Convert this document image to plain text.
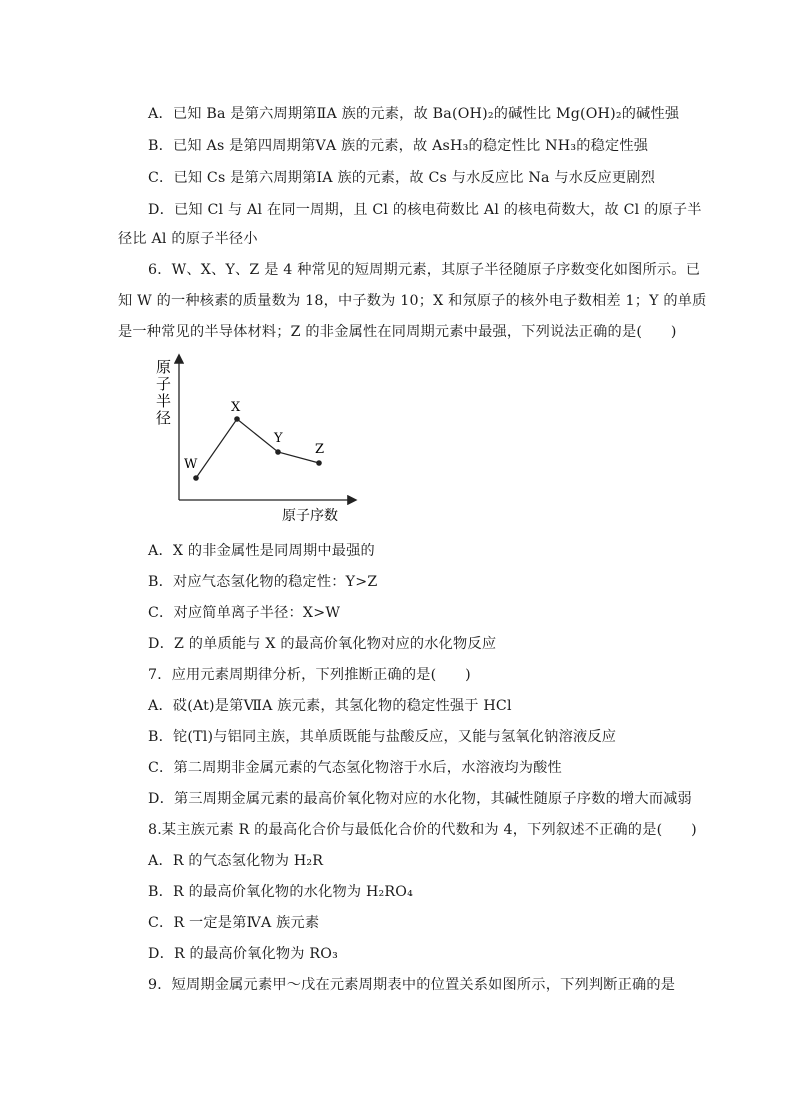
A．已知 Ba 是第六周期第ⅡA 族的元素，故 Ba(OH)₂的碱性比 Mg(OH)₂的碱性强
B．已知 As 是第四周期第ⅤA 族的元素，故 AsH₃的稳定性比 NH₃的稳定性强
C．已知 Cs 是第六周期第ⅠA 族的元素，故 Cs 与水反应比 Na 与水反应更剧烈
D．已知 Cl 与 Al 在同一周期，且 Cl 的核电荷数比 Al 的核电荷数大，故 Cl 的原子半
径比 Al 的原子半径小
6．W、X、Y、Z 是 4 种常见的短周期元素，其原子半径随原子序数变化如图所示。已
知 W 的一种核素的质量数为 18，中子数为 10；X 和氖原子的核外电子数相差 1；Y 的单质
是一种常见的半导体材料；Z 的非金属性在同周期元素中最强，下列说法正确的是(　　)
原
子
半
径
原子序数
W
X
Y
Z
A．X 的非金属性是同周期中最强的
B．对应气态氢化物的稳定性：Y>Z
C．对应简单离子半径：X>W
D．Z 的单质能与 X 的最高价氧化物对应的水化物反应
7．应用元素周期律分析，下列推断正确的是(　　)
A．砹(At)是第ⅦA 族元素，其氢化物的稳定性强于 HCl
B．铊(Tl)与铝同主族，其单质既能与盐酸反应，又能与氢氧化钠溶液反应
C．第二周期非金属元素的气态氢化物溶于水后，水溶液均为酸性
D．第三周期金属元素的最高价氧化物对应的水化物，其碱性随原子序数的增大而减弱
8.某主族元素 R 的最高化合价与最低化合价的代数和为 4，下列叙述不正确的是(　　)
A．R 的气态氢化物为 H₂R
B．R 的最高价氧化物的水化物为 H₂RO₄
C．R 一定是第ⅣA 族元素
D．R 的最高价氧化物为 RO₃
9．短周期金属元素甲～戊在元素周期表中的位置关系如图所示，下列判断正确的是
